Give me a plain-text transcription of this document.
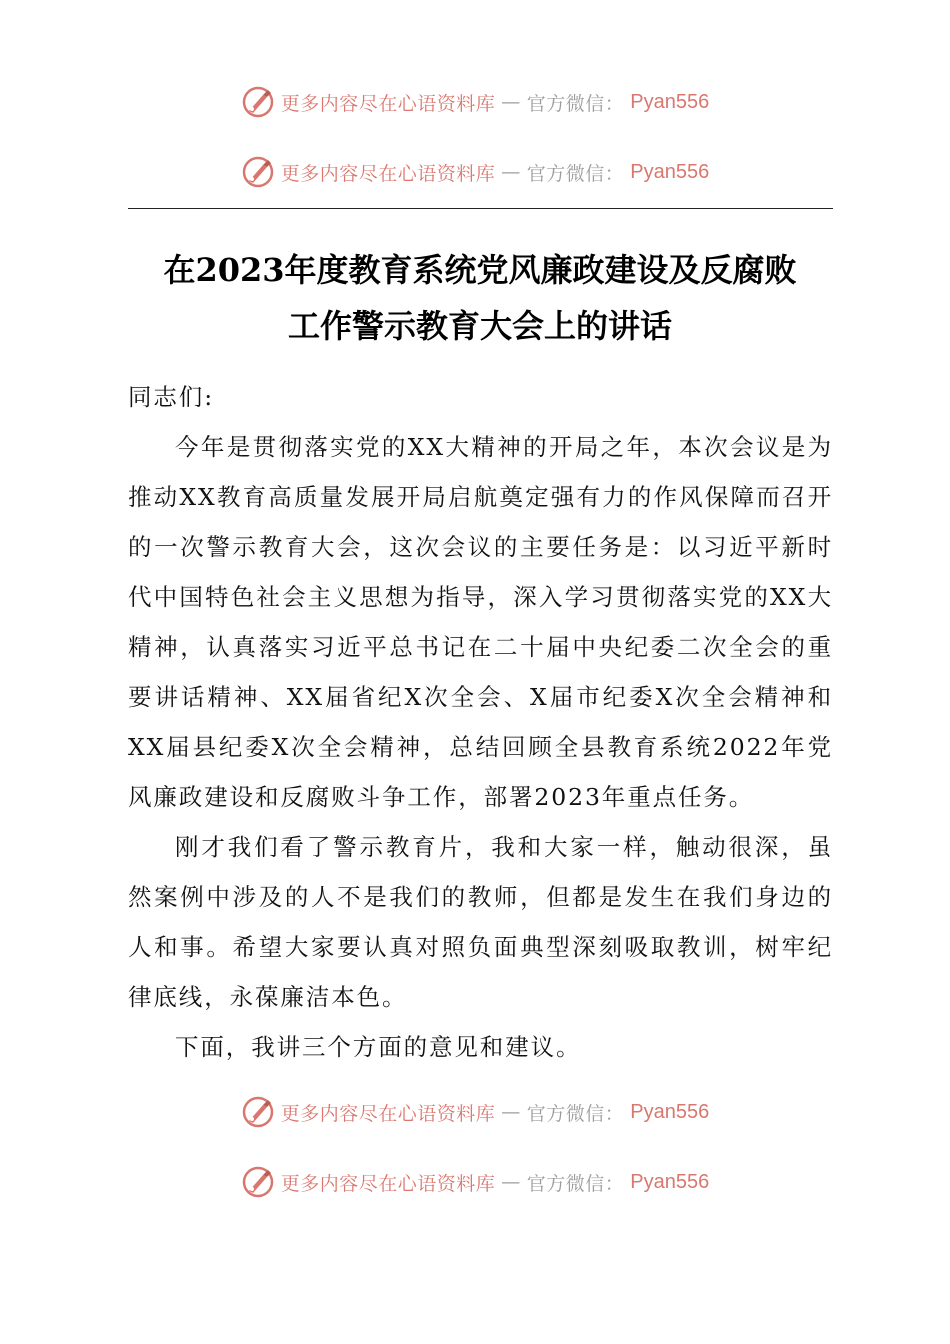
更多内容尽在心语资料库 — 官方微信： Pyan556
更多内容尽在心语资料库 — 官方微信： Pyan556
在2023年度教育系统党风廉政建设及反腐败
工作警示教育大会上的讲话

同志们:

今年是贯彻落实党的XX大精神的开局之年，本次会议是为推动XX教育高质量发展开局启航奠定强有力的作风保障而召开的一次警示教育大会，这次会议的主要任务是：以习近平新时代中国特色社会主义思想为指导，深入学习贯彻落实党的XX大精神，认真落实习近平总书记在二十届中央纪委二次全会的重要讲话精神、XX届省纪X次全会、X届市纪委X次全会精神和XX届县纪委X次全会精神，总结回顾全县教育系统2022年党风廉政建设和反腐败斗争工作，部署2023年重点任务。

刚才我们看了警示教育片，我和大家一样，触动很深，虽然案例中涉及的人不是我们的教师，但都是发生在我们身边的人和事。希望大家要认真对照负面典型深刻吸取教训，树牢纪律底线，永葆廉洁本色。

下面，我讲三个方面的意见和建议。

更多内容尽在心语资料库 — 官方微信： Pyan556
更多内容尽在心语资料库 — 官方微信： Pyan556
